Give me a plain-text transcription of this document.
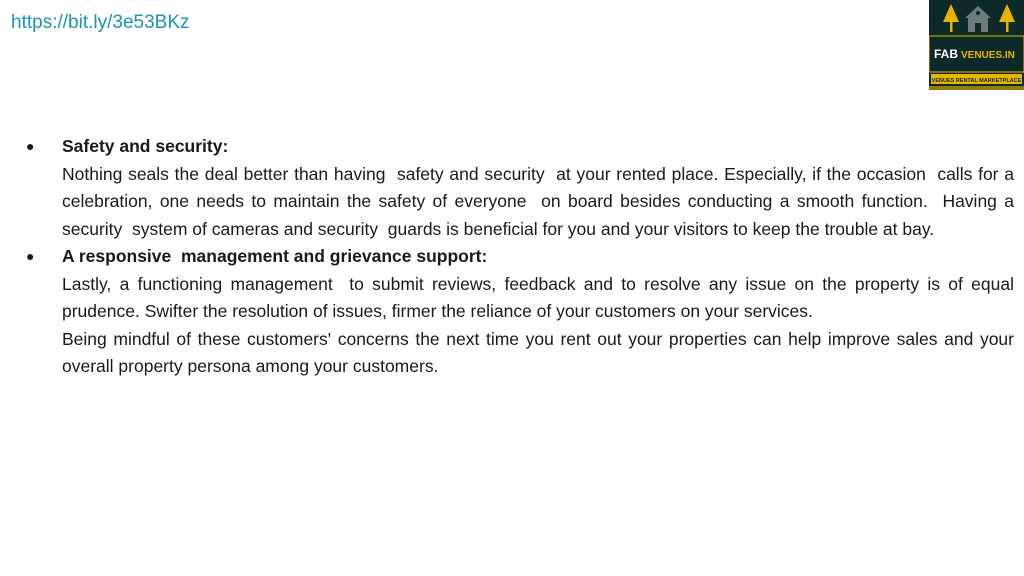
https://bit.ly/3e53BKz
FAB VENUES.IN
VENUES RENTAL MARKETPLACE
●	Safety and security:
Nothing seals the deal better than having  safety and security  at your rented place. Especially, if the occasion  calls for a celebration, one needs to maintain the safety of everyone  on board besides conducting a smooth function.  Having a security  system of cameras and security  guards is beneficial for you and your visitors to keep the trouble at bay.
●	A responsive  management and grievance support:
Lastly, a functioning management  to submit reviews, feedback and to resolve any issue on the property is of equal prudence. Swifter the resolution of issues, firmer the reliance of your customers on your services.
Being mindful of these customers' concerns the next time you rent out your properties can help improve sales and your overall property persona among your customers.
